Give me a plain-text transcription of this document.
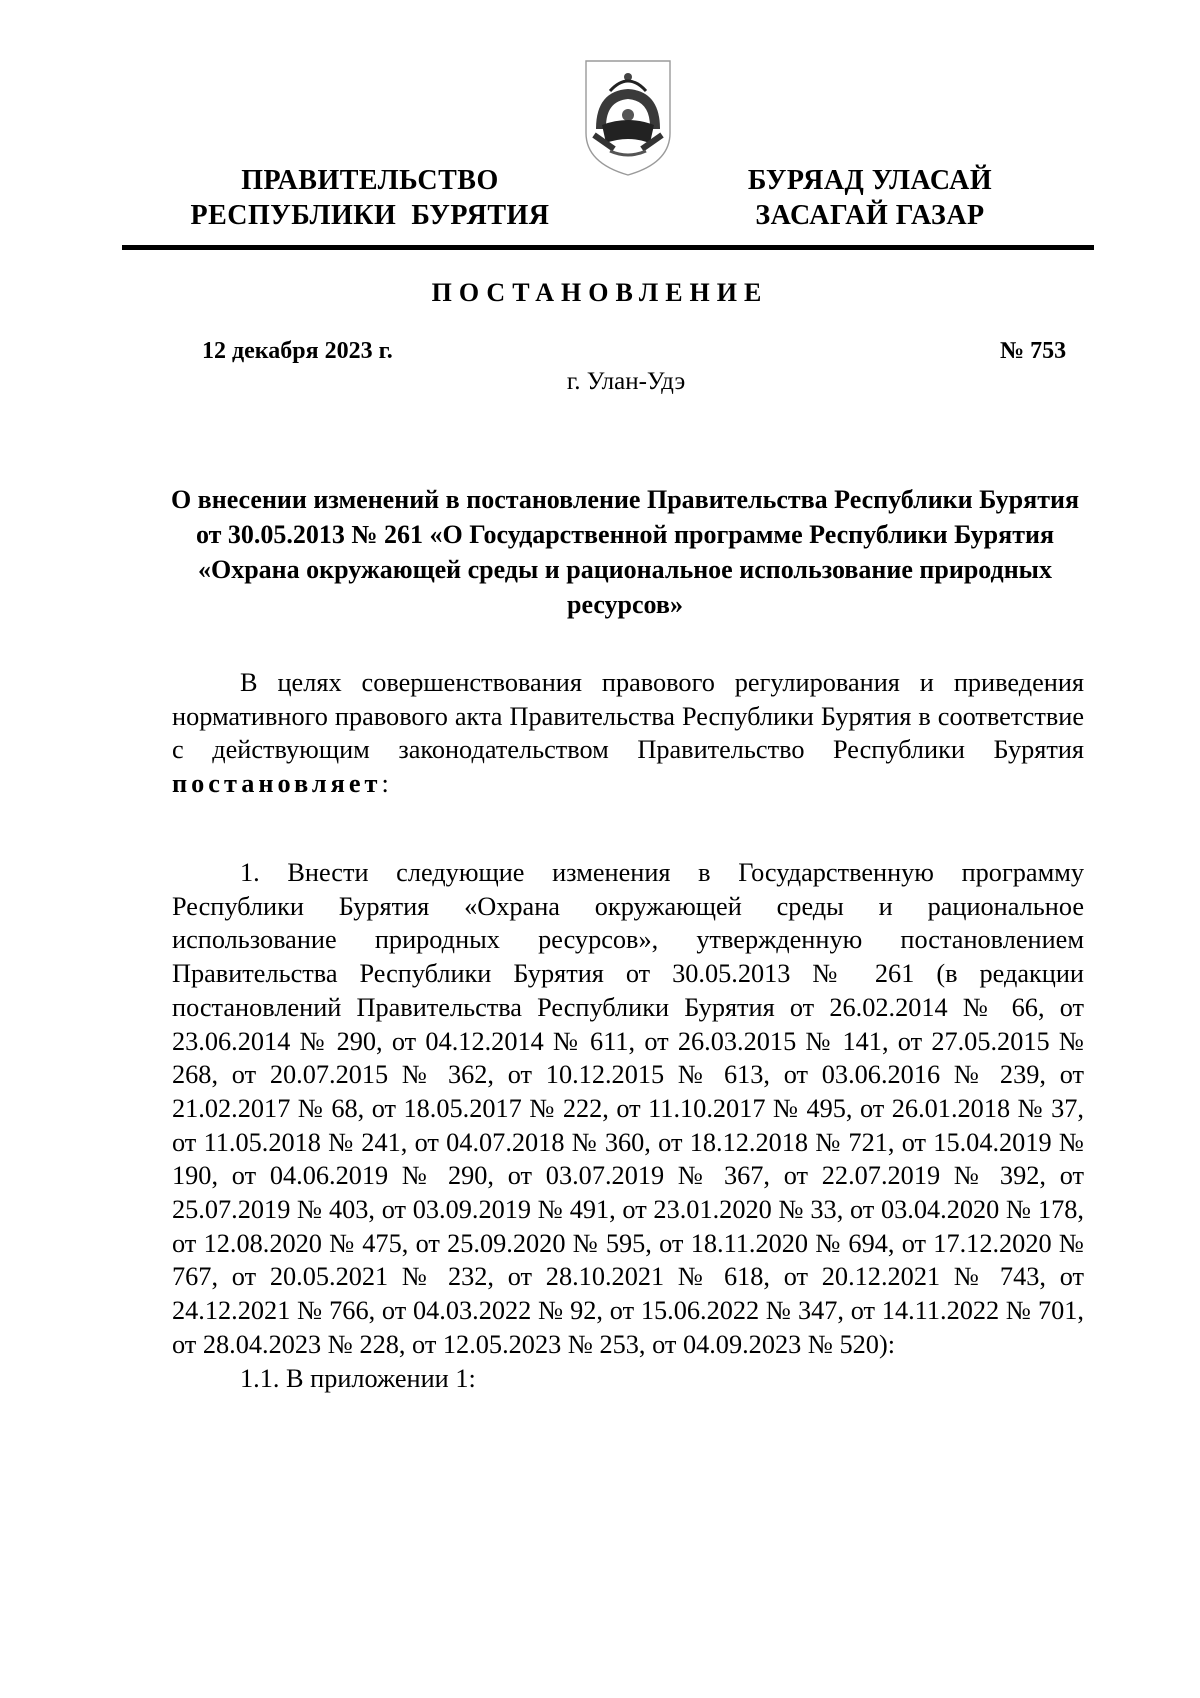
ПРАВИТЕЛЬСТВО
РЕСПУБЛИКИ  БУРЯТИЯ
БУРЯАД УЛАСАЙ
ЗАСАГАЙ ГАЗАР
ПОСТАНОВЛЕНИЕ
12 декабря 2023 г.	№ 753
г. Улан-Удэ
О внесении изменений в постановление Правительства Республики Бурятия от 30.05.2013 № 261 «О Государственной программе Республики Бурятия «Охрана окружающей среды и рациональное использование природных ресурсов»

В целях совершенствования правового регулирования и приведения нормативного правового акта Правительства Республики Бурятия в соответствие с действующим законодательством Правительство Республики Бурятия постановляет:

1. Внести следующие изменения в Государственную программу Республики Бурятия «Охрана окружающей среды и рациональное использование природных ресурсов», утвержденную постановлением Правительства Республики Бурятия от 30.05.2013 № 261 (в редакции постановлений Правительства Республики Бурятия от 26.02.2014 № 66, от 23.06.2014 № 290, от 04.12.2014 № 611, от 26.03.2015 № 141, от 27.05.2015 № 268, от 20.07.2015 № 362, от 10.12.2015 № 613, от 03.06.2016 № 239, от 21.02.2017 № 68, от 18.05.2017 № 222, от 11.10.2017 № 495, от 26.01.2018 № 37, от 11.05.2018 № 241, от 04.07.2018 № 360, от 18.12.2018 № 721, от 15.04.2019 № 190, от 04.06.2019 № 290, от 03.07.2019 № 367, от 22.07.2019 № 392, от 25.07.2019 № 403, от 03.09.2019 № 491, от 23.01.2020 № 33, от 03.04.2020 № 178, от 12.08.2020 № 475, от 25.09.2020 № 595, от 18.11.2020 № 694, от 17.12.2020 № 767, от 20.05.2021 № 232, от 28.10.2021 № 618, от 20.12.2021 № 743, от 24.12.2021 № 766, от 04.03.2022 № 92, от 15.06.2022 № 347, от 14.11.2022 № 701, от 28.04.2023 № 228, от 12.05.2023 № 253, от 04.09.2023 № 520):

1.1. В приложении 1:
